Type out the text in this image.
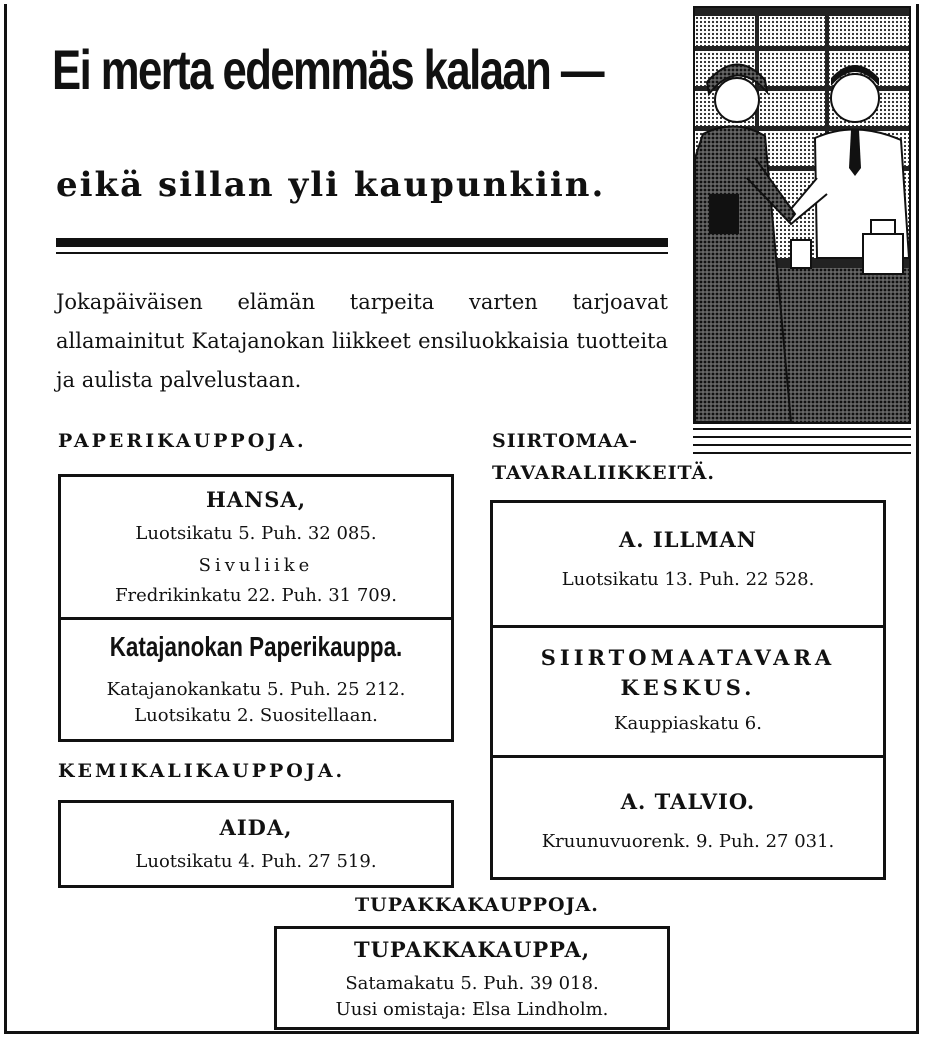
Ei merta edemmäs kalaan —
eikä sillan yli kaupunkiin.

Jokapäiväisen elämän tarpeita varten tarjoavat allamainitut Katajanokan liikkeet ensiluokkaisia tuotteita ja aulista palvelustaan.

PAPERIKAUPPOJA.

HANSA,

Luotsikatu 5. Puh. 32 085.

Sivuliike

Fredrikinkatu 22. Puh. 31 709.

Katajanokan Paperikauppa.

Katajanokankatu 5. Puh. 25 212.

Luotsikatu 2. Suositellaan.

KEMIKALIKAUPPOJA.

AIDA,

Luotsikatu 4. Puh. 27 519.

SIIRTOMAA-
TAVARALIIKKEITÄ.

A. ILLMAN

Luotsikatu 13. Puh. 22 528.

SIIRTOMAATAVARA

KESKUS.

Kauppiaskatu 6.

A. TALVIO.

Kruunuvuorenk. 9. Puh. 27 031.

TUPAKKAKAUPPOJA.

TUPAKKAKAUPPA,

Satamakatu 5. Puh. 39 018.

Uusi omistaja: Elsa Lindholm.
